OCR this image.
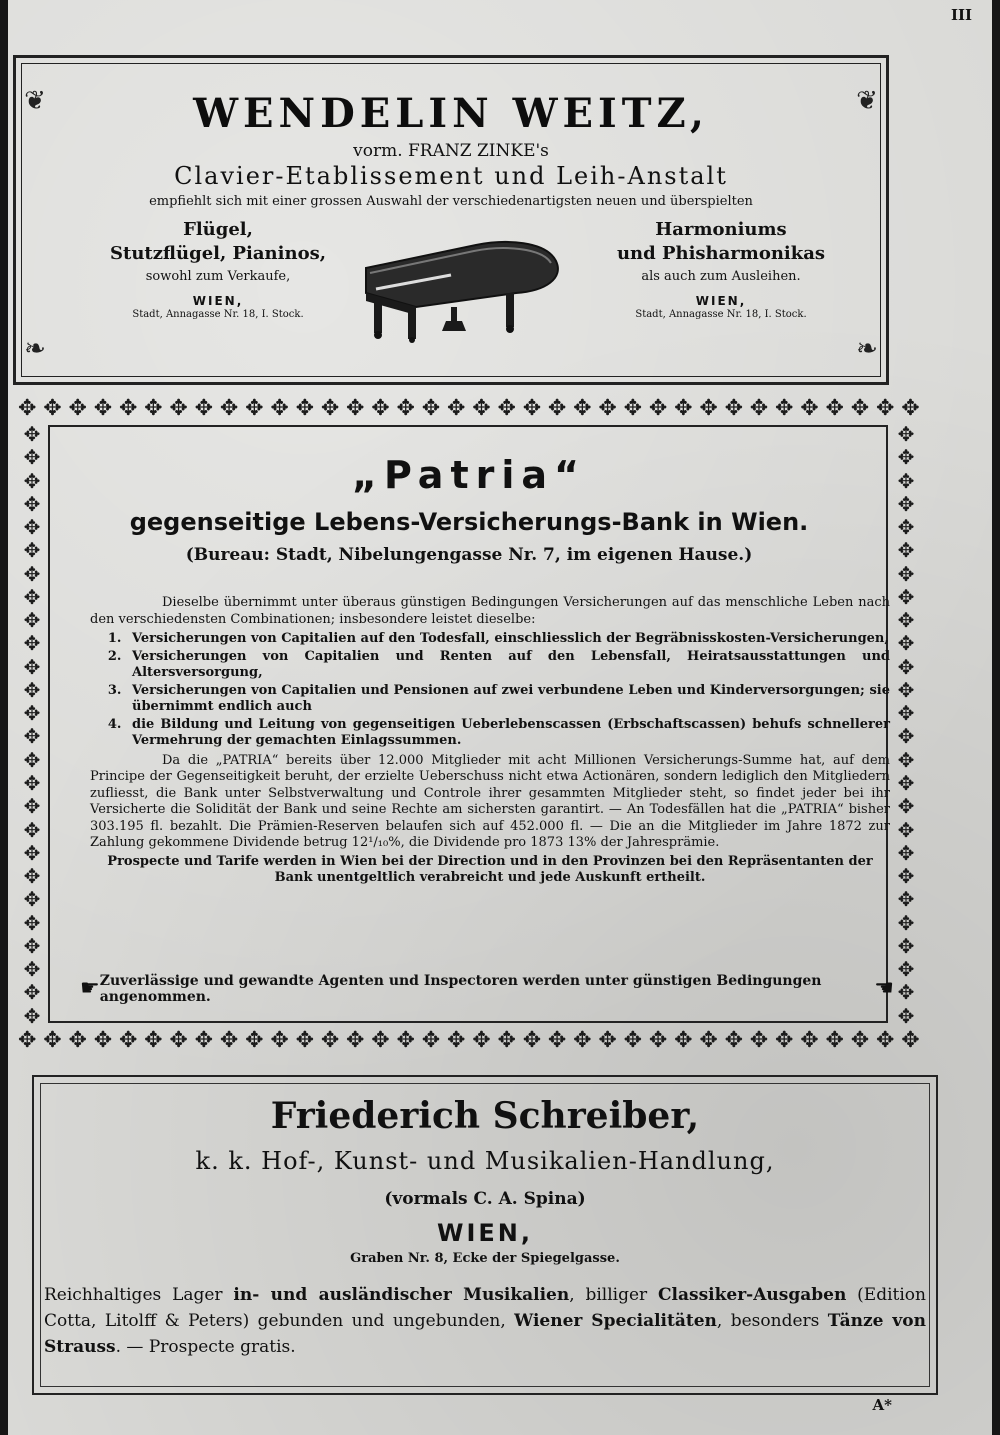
III
❦	❦
❧	❧
WENDELIN WEITZ,
vorm. FRANZ ZINKE's
Clavier-Etablissement und Leih-Anstalt
empfiehlt sich mit einer grossen Auswahl der verschiedenartigsten neuen und überspielten
Flügel,
Stutzflügel, Pianinos,
sowohl zum Verkaufe,
WIEN,
Stadt, Annagasse Nr. 18, I. Stock.
Harmoniums
und Phisharmonikas
als auch zum Ausleihen.
WIEN,
Stadt, Annagasse Nr. 18, I. Stock.
✥ ✥ ✥ ✥ ✥ ✥ ✥ ✥ ✥ ✥ ✥ ✥ ✥ ✥ ✥ ✥ ✥ ✥ ✥ ✥ ✥ ✥ ✥ ✥ ✥ ✥ ✥ ✥ ✥ ✥ ✥ ✥ ✥ ✥ ✥ ✥
✥ ✥ ✥ ✥ ✥ ✥ ✥ ✥ ✥ ✥ ✥ ✥ ✥ ✥ ✥ ✥ ✥ ✥ ✥ ✥ ✥ ✥ ✥ ✥ ✥ ✥ ✥ ✥ ✥ ✥ ✥ ✥ ✥ ✥ ✥ ✥
✥
✥
✥
✥
✥
✥
✥
✥
✥
✥
✥
✥
✥
✥
✥
✥
✥
✥
✥
✥
✥
✥
✥
✥
✥
✥
✥
✥
✥
✥
✥
✥
✥
✥
✥
✥
✥
✥
✥
✥
✥
✥
✥
✥
✥
✥
✥
✥
✥
✥
✥
✥
„Patria“
gegenseitige Lebens-Versicherungs-Bank in Wien.
(Bureau: Stadt, Nibelungengasse Nr. 7, im eigenen Hause.)

Dieselbe übernimmt unter überaus günstigen Bedingungen Versicherungen auf das menschliche Leben nach den verschiedensten Combinationen; insbesondere leistet dieselbe:

1. Versicherungen von Capitalien auf den Todesfall, einschliesslich der Begräbnisskosten-Versicherungen,
2. Versicherungen von Capitalien und Renten auf den Lebensfall, Heiratsausstattungen und Altersversorgung,
3. Versicherungen von Capitalien und Pensionen auf zwei verbundene Leben und Kinderversorgungen; sie übernimmt endlich auch
4. die Bildung und Leitung von gegenseitigen Ueberlebenscassen (Erbschaftscassen) behufs schnellerer Vermehrung der gemachten Einlagssummen.

Da die „PATRIA“ bereits über 12.000 Mitglieder mit acht Millionen Versicherungs-Summe hat, auf dem Principe der Gegenseitigkeit beruht, der erzielte Ueberschuss nicht etwa Actionären, sondern lediglich den Mitgliedern zufliesst, die Bank unter Selbstverwaltung und Controle ihrer gesammten Mitglieder steht, so findet jeder bei ihr Versicherte die Solidität der Bank und seine Rechte am sichersten garantirt. — An Todesfällen hat die „PATRIA“ bisher 303.195 fl. bezahlt. Die Prämien-Reserven belaufen sich auf 452.000 fl. — Die an die Mitglieder im Jahre 1872 zur Zahlung gekommene Dividende betrug 12¹/₁₀%, die Dividende pro 1873 13% der Jahresprämie.

Prospecte und Tarife werden in Wien bei der Direction und in den Provinzen bei den Repräsentanten der Bank unentgeltlich verabreicht und jede Auskunft ertheilt.

☛ Zuverlässige und gewandte Agenten und Inspectoren werden unter günstigen Bedingungen angenommen.	☚
Friederich Schreiber,
k. k. Hof-, Kunst- und Musikalien-Handlung,
(vormals C. A. Spina)
WIEN,
Graben Nr. 8, Ecke der Spiegelgasse.
Reichhaltiges Lager in- und ausländischer Musikalien, billiger Classiker-Ausgaben (Edition Cotta, Litolff & Peters) gebunden und ungebunden, Wiener Specialitäten, besonders Tänze von Strauss. — Prospecte gratis.
A*
